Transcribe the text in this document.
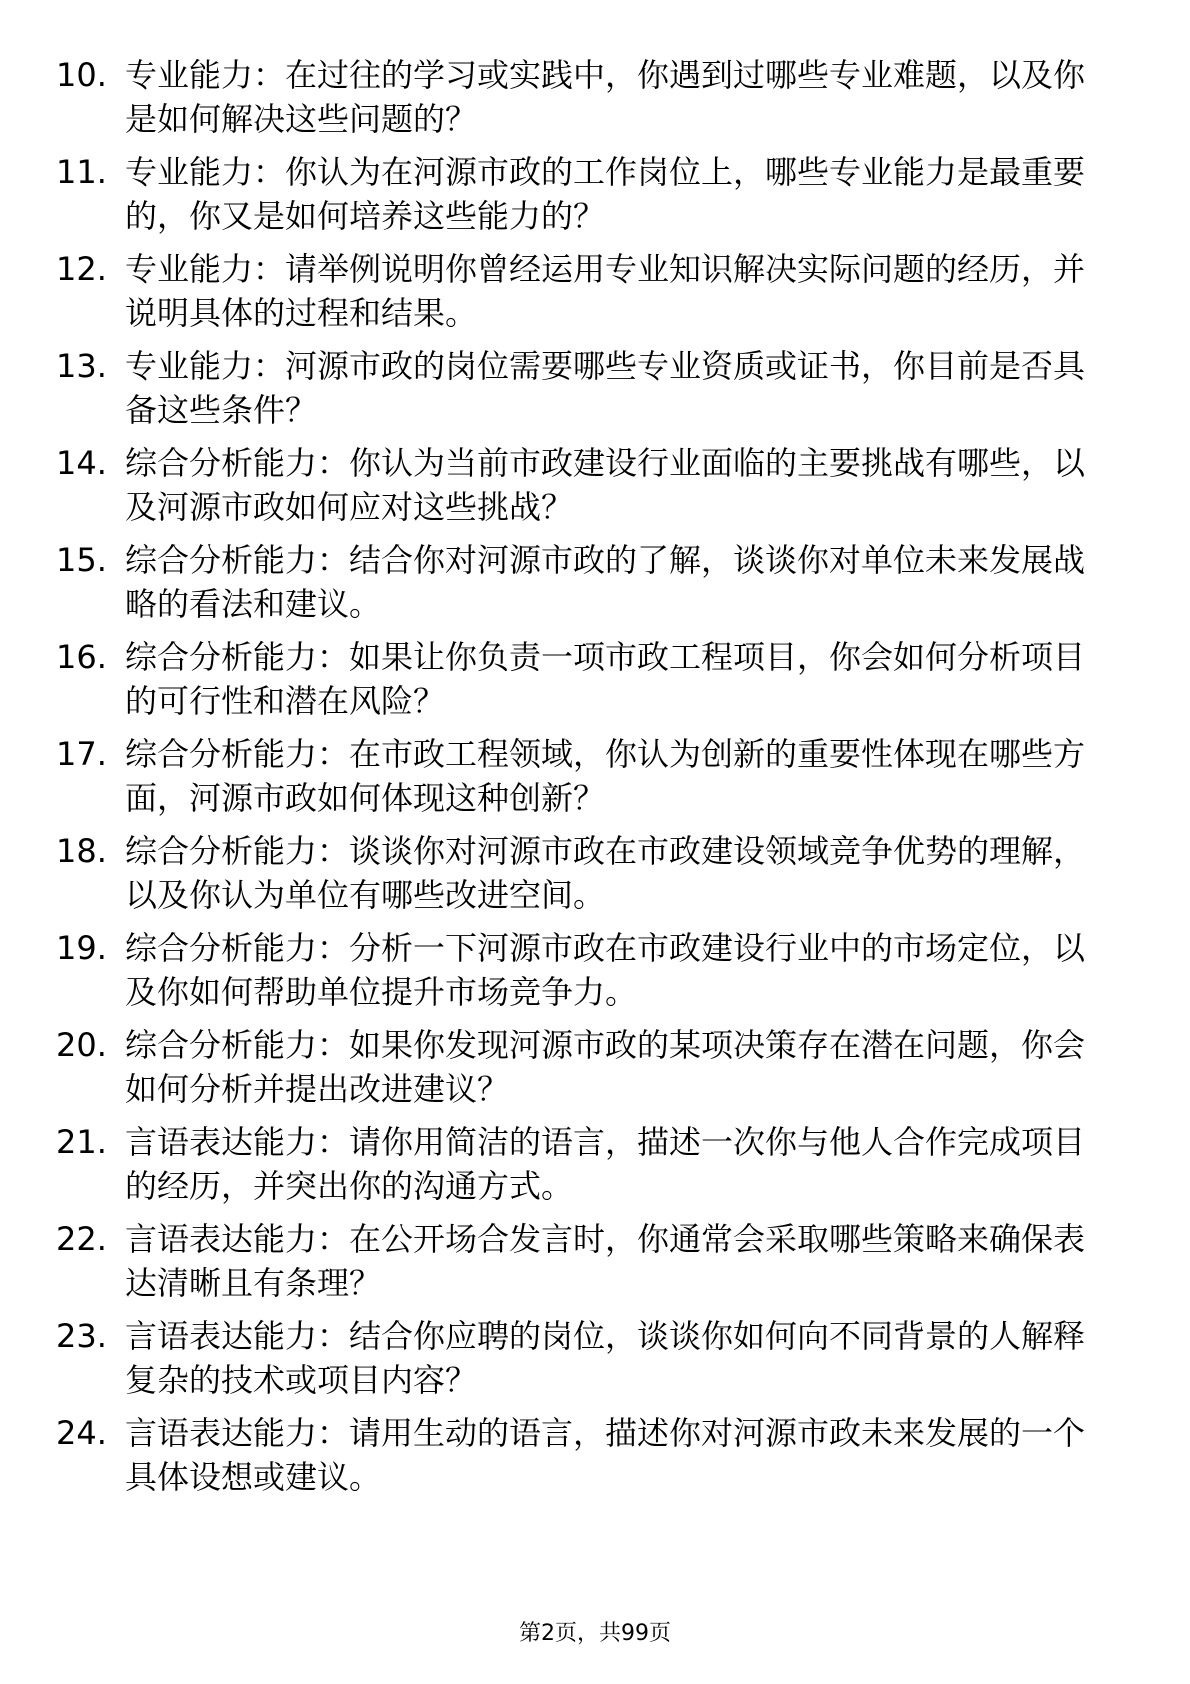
10. 专业能力：在过往的学习或实践中，你遇到过哪些专业难题，以及你是如何解决这些问题的？
11. 专业能力：你认为在河源市政的工作岗位上，哪些专业能力是最重要的，你又是如何培养这些能力的？
12. 专业能力：请举例说明你曾经运用专业知识解决实际问题的经历，并说明具体的过程和结果。
13. 专业能力：河源市政的岗位需要哪些专业资质或证书，你目前是否具备这些条件？
14. 综合分析能力：你认为当前市政建设行业面临的主要挑战有哪些，以及河源市政如何应对这些挑战？
15. 综合分析能力：结合你对河源市政的了解，谈谈你对单位未来发展战略的看法和建议。
16. 综合分析能力：如果让你负责一项市政工程项目，你会如何分析项目的可行性和潜在风险？
17. 综合分析能力：在市政工程领域，你认为创新的重要性体现在哪些方面，河源市政如何体现这种创新？
18. 综合分析能力：谈谈你对河源市政在市政建设领域竞争优势的理解，以及你认为单位有哪些改进空间。
19. 综合分析能力：分析一下河源市政在市政建设行业中的市场定位，以及你如何帮助单位提升市场竞争力。
20. 综合分析能力：如果你发现河源市政的某项决策存在潜在问题，你会如何分析并提出改进建议？
21. 言语表达能力：请你用简洁的语言，描述一次你与他人合作完成项目的经历，并突出你的沟通方式。
22. 言语表达能力：在公开场合发言时，你通常会采取哪些策略来确保表达清晰且有条理？
23. 言语表达能力：结合你应聘的岗位，谈谈你如何向不同背景的人解释复杂的技术或项目内容？
24. 言语表达能力：请用生动的语言，描述你对河源市政未来发展的一个具体设想或建议。
第2页，共99页
